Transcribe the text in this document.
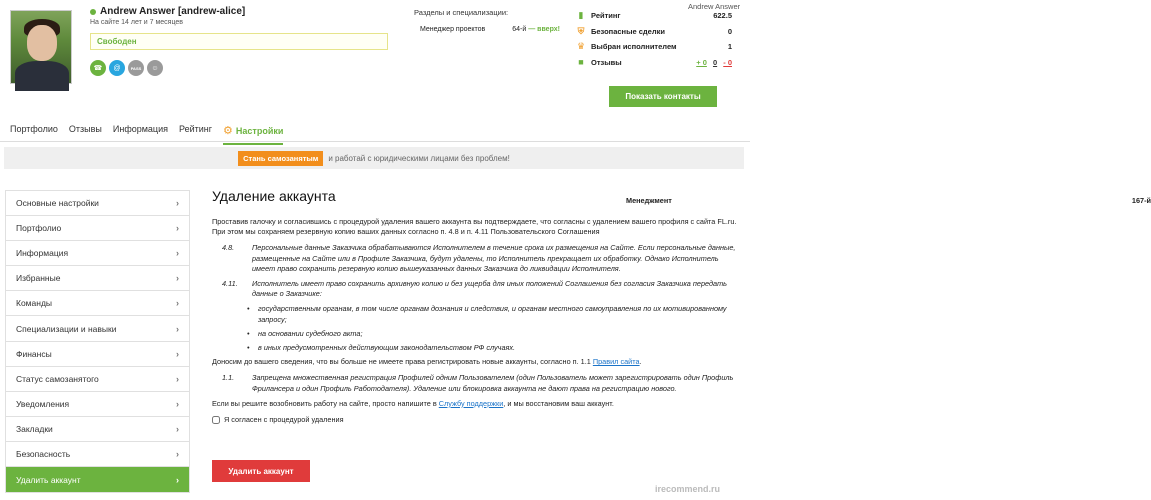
Andrew Answer [andrew-alice]
На сайте 14 лет и 7 месяцев
Свободен
☎	@	PASS	☺
Разделы и специализации:
Менеджмент	167-й
Менеджер проектов	64-й — вверх!
▮	Рейтинг	622.5
⛨ Безопасные сделки	0
♛ Выбран исполнителем	1
■ Отзывы	+ 0 0 - 0
Andrew Answer
Показать контакты
Портфолио Отзывы Информация Рейтинг ⚙ Настройки
Стань самозанятым	и работай с юридическими лицами без проблем!
Основные настройки	›
Портфолио	›
Информация	›
Избранные	›
Команды	›
Специализации и навыки	›
Финансы	›
Статус самозанятого	›
Уведомления	›
Закладки	›
Безопасность	›
Удалить аккаунт	›
Удаление аккаунта

Проставив галочку и согласившись с процедурой удаления вашего аккаунта вы подтверждаете, что согласны с удалением вашего профиля с сайта FL.ru. При этом мы сохраняем резервную копию ваших данных согласно п. 4.8 и п. 4.11 Пользовательского Соглашения

4.8.	Персональные данные Заказчика обрабатываются Исполнителем в течение срока их размещения на Сайте. Если персональные данные, размещенные на Сайте или в Профиле Заказчика, будут удалены, то Исполнитель прекращает их обработку. Однако Исполнитель имеет право сохранить резервную копию вышеуказанных данных Заказчика до ликвидации Исполнителя.
4.11.	Исполнитель имеет право сохранить архивную копию и без ущерба для иных положений Соглашения без согласия Заказчика передать данные о Заказчике:
• государственным органам, в том числе органам дознания и следствия, и органам местного самоуправления по их мотивированному запросу;
• на основании судебного акта;
• в иных предусмотренных действующим законодательством РФ случаях.

Доносим до вашего сведения, что вы больше не имеете права регистрировать новые аккаунты, согласно п. 1.1 Правил сайта.

1.1.	Запрещена множественная регистрация Профилей одним Пользователем (один Пользователь может зарегистрировать один Профиль Фрилансера и один Профиль Работодателя). Удаление или блокировка аккаунта не дают права на регистрацию нового.

Если вы решите возобновить работу на сайте, просто напишите в Службу поддержки, и мы восстановим ваш аккаунт.

Я согласен с процедурой удаления
Удалить аккаунт
irecommend.ru
